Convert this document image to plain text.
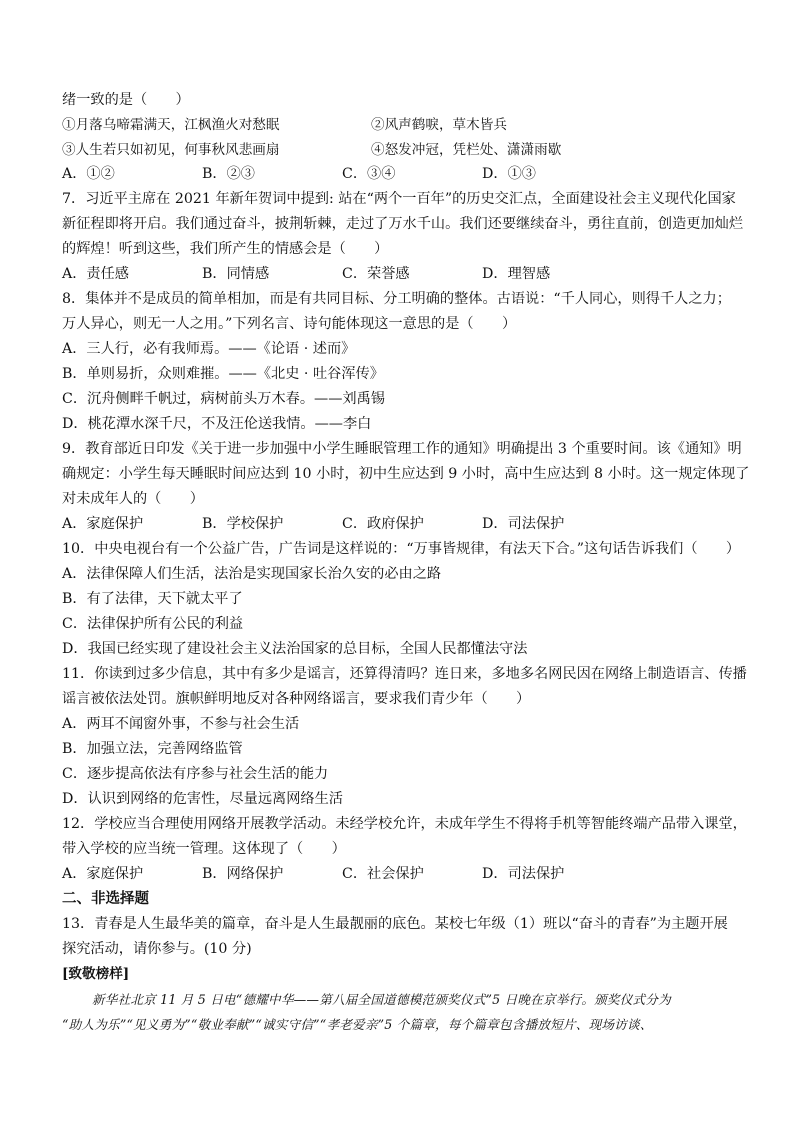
绪一致的是（　　）
①月落乌啼霜满天，江枫渔火对愁眠	②风声鹤唳，草木皆兵
③人生若只如初见，何事秋风悲画扇	④怒发冲冠，凭栏处、潇潇雨歇
A．①②	B．②③	C．③④	D．①③
7．习近平主席在 2021 年新年贺词中提到: 站在“两个一百年”的历史交汇点，全面建设社会主义现代化国家
新征程即将开启。我们通过奋斗，披荆斩棘，走过了万水千山。我们还要继续奋斗，勇往直前，创造更加灿烂
的辉煌！听到这些，我们所产生的情感会是（　　）
A．责任感	B．同情感	C．荣誉感	D．理智感
8．集体并不是成员的简单相加，而是有共同目标、分工明确的整体。古语说：“千人同心，则得千人之力；
万人异心，则无一人之用。”下列名言、诗句能体现这一意思的是（　　）
A．三人行，必有我师焉。——《论语 · 述而》
B．单则易折，众则难摧。——《北史 · 吐谷浑传》
C．沉舟侧畔千帆过，病树前头万木春。——刘禹锡
D．桃花潭水深千尺，不及汪伦送我情。——李白
9．教育部近日印发《关于进一步加强中小学生睡眠管理工作的通知》明确提出 3 个重要时间。该《通知》明
确规定：小学生每天睡眠时间应达到 10 小时，初中生应达到 9 小时，高中生应达到 8 小时。这一规定体现了
对未成年人的（　　）
A．家庭保护	B．学校保护	C．政府保护	D．司法保护
10．中央电视台有一个公益广告，广告词是这样说的：“万事皆规律，有法天下合。”这句话告诉我们（　　）
A．法律保障人们生活，法治是实现国家长治久安的必由之路
B．有了法律，天下就太平了
C．法律保护所有公民的利益
D．我国已经实现了建设社会主义法治国家的总目标，全国人民都懂法守法
11．你读到过多少信息，其中有多少是谣言，还算得清吗？连日来，多地多名网民因在网络上制造语言、传播
谣言被依法处罚。旗帜鲜明地反对各种网络谣言，要求我们青少年（　　）
A．两耳不闻窗外事，不参与社会生活
B．加强立法，完善网络监管
C．逐步提高依法有序参与社会生活的能力
D．认识到网络的危害性，尽量远离网络生活
12．学校应当合理使用网络开展教学活动。未经学校允许，未成年学生不得将手机等智能终端产品带入课堂，
带入学校的应当统一管理。这体现了（　　）
A．家庭保护	B．网络保护	C．社会保护	D．司法保护
二、非选择题
13．青春是人生最华美的篇章，奋斗是人生最靓丽的底色。某校七年级（1）班以“奋斗的青春”为主题开展
探究活动，请你参与。(10 分)
[致敬榜样]
新华社北京 11 月 5 日电“德耀中华——第八届全国道德模范颁奖仪式”5 日晚在京举行。颁奖仪式分为
“助人为乐”“见义勇为”“敬业奉献”“诚实守信”“孝老爱亲”5 个篇章，每个篇章包含播放短片、现场访谈、
